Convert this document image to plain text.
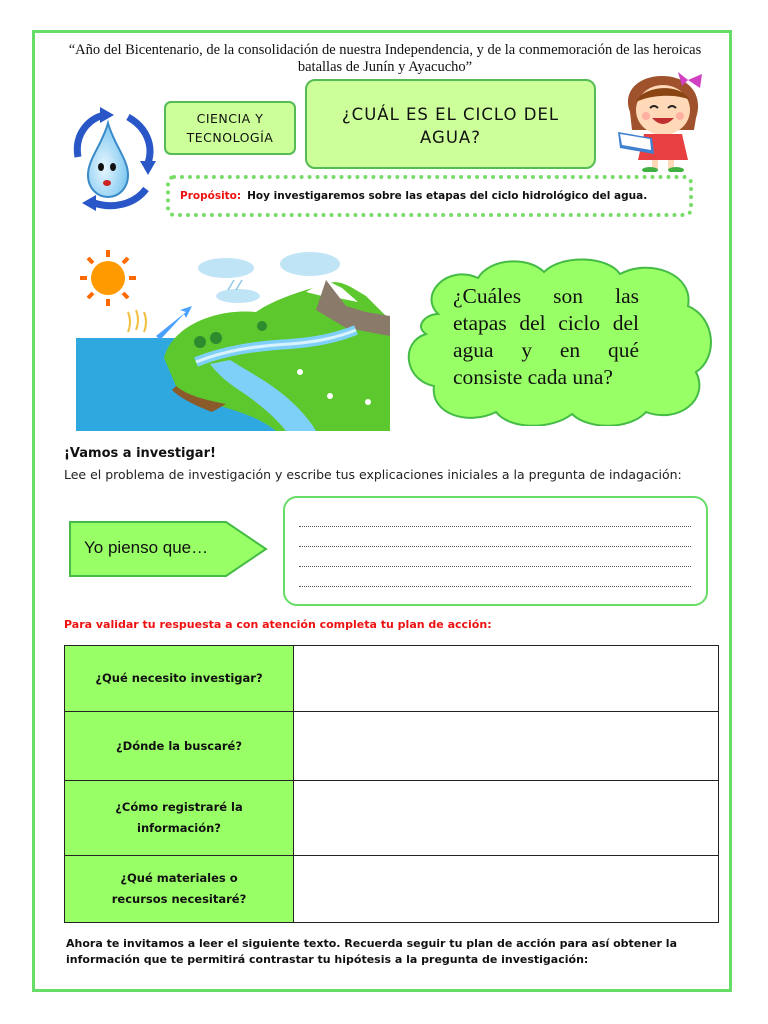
“Año del Bicentenario, de la consolidación de nuestra Independencia, y de la conmemoración de las heroicas batallas de Junín y Ayacucho”
CIENCIA Y
TECNOLOGÍA
¿CUÁL ES EL CICLO DEL
AGUA?
Propósito: Hoy investigaremos sobre las etapas del ciclo hidrológico del agua.
¿Cuáles son las etapas del ciclo del agua y en qué consiste cada una?
¡Vamos a investigar!
Lee el problema de investigación y escribe tus explicaciones iniciales a la pregunta de indagación:
Yo pienso que…
Para validar tu respuesta a con atención completa tu plan de acción:
¿Qué necesito investigar?	

¿Dónde la buscaré?	

¿Cómo registraré la
información?	

¿Qué materiales o
recursos necesitaré?	

Ahora te invitamos a leer el siguiente texto. Recuerda seguir tu plan de acción para así obtener la información que te permitirá contrastar tu hipótesis a la pregunta de investigación:
